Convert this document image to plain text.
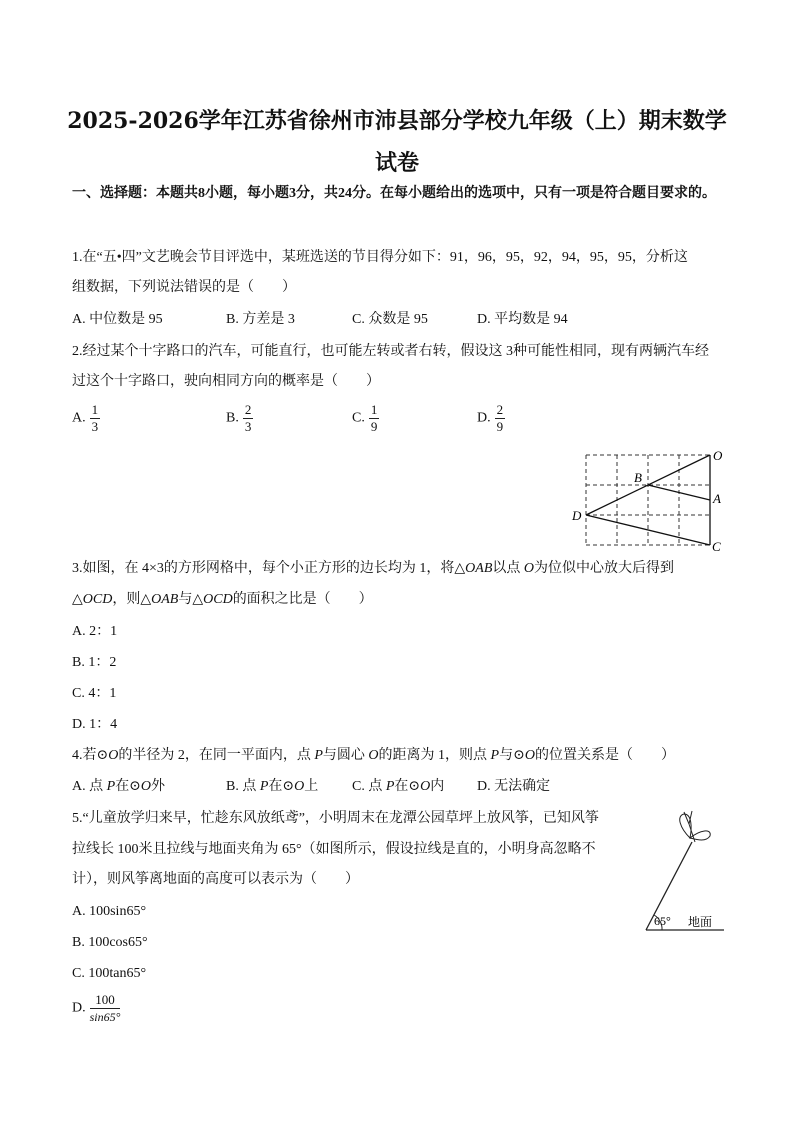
2025-2026学年江苏省徐州市沛县部分学校九年级（上）期末数学试卷

一、选择题：本题共8小题，每小题3分，共24分。在每小题给出的选项中，只有一项是符合题目要求的。

1.在“五•四”文艺晚会节目评选中，某班选送的节目得分如下：91，96，95，92，94，95，95，分析这

组数据，下列说法错误的是（　　）

A. 中位数是 95	B. 方差是 3	C. 众数是 95	D. 平均数是 94

2.经过某个十字路口的汽车，可能直行，也可能左转或者右转，假设这 3种可能性相同，现有两辆汽车经

过这个十字路口，驶向相同方向的概率是（　　）

A. $\frac{1}{3}$	B. $\frac{2}{3}$	C. $\frac{1}{9}$	D. $\frac{2}{9}$
O
B
A
D
C

3.如图，在 4×3的方形网格中，每个小正方形的边长均为 1，将△OAB以点 O为位似中心放大后得到

△OCD，则△OAB与△OCD的面积之比是（　　）

A. 2：1
B. 1：2
C. 4：1
D. 1：4

4.若⊙O的半径为 2，在同一平面内，点 P与圆心 O的距离为 1，则点 P与⊙O的位置关系是（　　）

A. 点 P在⊙O外	B. 点 P在⊙O上 C. 点 P在⊙O内 D. 无法确定

5.“儿童放学归来早，忙趁东风放纸鸢”，小明周末在龙潭公园草坪上放风筝，已知风筝

拉线长 100米且拉线与地面夹角为 65°（如图所示，假设拉线是直的，小明身高忽略不

计），则风筝离地面的高度可以表示为（　　）

A. 100sin65°
B. 100cos65°
C. 100tan65°
D. $\frac{100}{\sin 65^\circ}$
65° 地面
